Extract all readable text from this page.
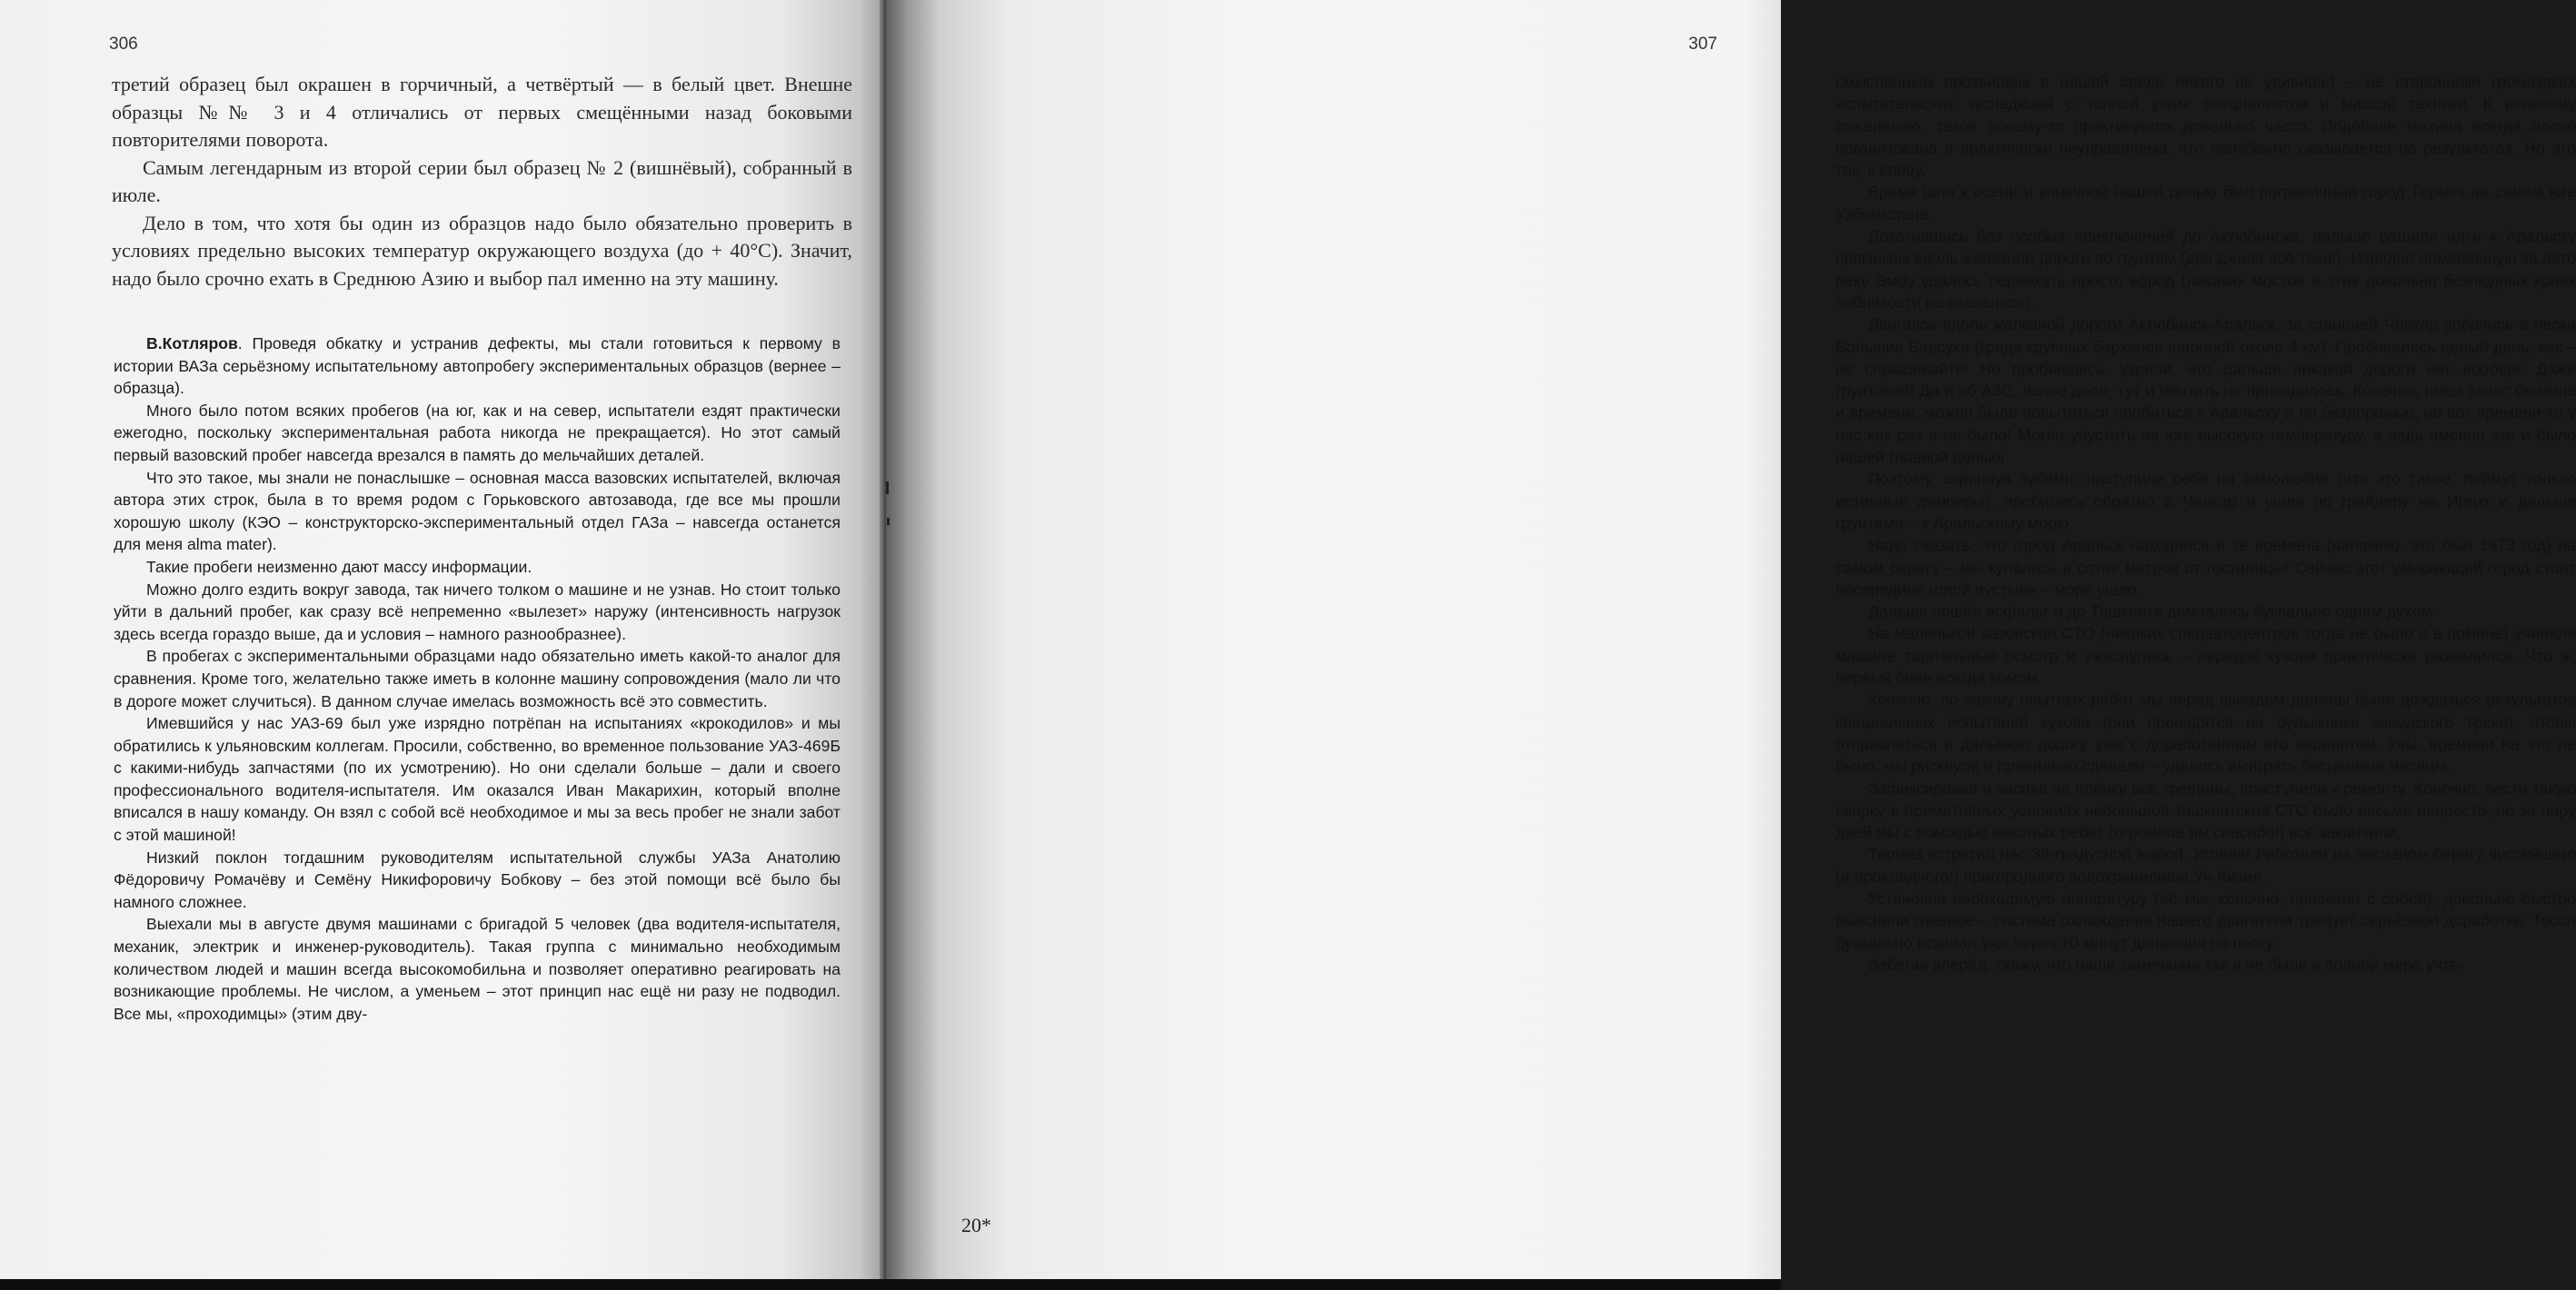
306

третий образец был окрашен в горчичный, а четвёртый — в белый цвет. Внешне образцы №№ 3 и 4 отличались от первых смещёнными назад боковыми повторителями поворота.

Самым легендарным из второй серии был образец № 2 (вишнёвый), собранный в июле.

Дело в том, что хотя бы один из образцов надо было обязательно проверить в условиях предельно высоких температур окружающего воздуха (до + 40°С). Значит, надо было срочно ехать в Среднюю Азию и выбор пал именно на эту машину.

В.Котляров. Проведя обкатку и устранив дефекты, мы стали готовиться к первому в истории ВАЗа серьёзному испытательному автопробегу экспериментальных образцов (вернее – образца).

Много было потом всяких пробегов (на юг, как и на север, испытатели ездят практически ежегодно, поскольку экспериментальная работа никогда не прекращается). Но этот самый первый вазовский пробег навсегда врезался в память до мельчайших деталей.

Что это такое, мы знали не понаслышке – основная масса вазовских испытателей, включая автора этих строк, была в то время родом с Горьковского автозавода, где все мы прошли хорошую школу (КЭО – конструкторско-экспериментальный отдел ГАЗа – навсегда останется для меня alma mater).

Такие пробеги неизменно дают массу информации.

Можно долго ездить вокруг завода, так ничего толком о машине и не узнав. Но стоит только уйти в дальний пробег, как сразу всё непременно «вылезет» наружу (интенсивность нагрузок здесь всегда гораздо выше, да и условия – намного разнообразнее).

В пробегах с экспериментальными образцами надо обязательно иметь какой-то аналог для сравнения. Кроме того, желательно также иметь в колонне машину сопровождения (мало ли что в дороге может случиться). В данном случае имелась возможность всё это совместить.

Имевшийся у нас УАЗ-69 был уже изрядно потрёпан на испытаниях «крокодилов» и мы обратились к ульяновским коллегам. Просили, собственно, во временное пользование УАЗ-469Б с какими-нибудь запчастями (по их усмотрению). Но они сделали больше – дали и своего профессионального водителя-испытателя. Им оказался Иван Макарихин, который вполне вписался в нашу команду. Он взял с собой всё необходимое и мы за весь пробег не знали забот с этой машиной!

Низкий поклон тогдашним руководителям испытательной службы УАЗа Анатолию Фёдоровичу Ромачёву и Семёну Никифоровичу Бобкову – без этой помощи всё было бы намного сложнее.

Выехали мы в августе двумя машинами с бригадой 5 человек (два водителя-испытателя, механик, электрик и инженер-руководитель). Такая группа с минимально необходимым количеством людей и машин всегда высокомобильна и позволяет оперативно реагировать на возникающие проблемы. Не числом, а уменьем – этот принцип нас ещё ни разу не подводил. Все мы, «проходимцы» (этим дву-

307

смысленным прозвищем в нашей среде никого не удивишь) – не сторонники громоздких испытательских экспедиций с толпой узких специалистов и массой техники. К великому сожалению, такое почему-то практикуется довольно часто. Подобная махина всегда плохо организована и практически неуправляема, что неизбежно сказывается на результатах. Но это так, к слову.

Время шло к осени и конечной нашей целью был пограничный город Термез на самом юге Узбекистана.

Докатившись без особых приключений до Актюбинска, дальше решили идти к Аральску прямиком вдоль железной дороги по грунтам (два джипа всё-таки!). Изрядно обмелевшую за лето реку Эмбу удалось переехать просто вброд (никаких мостов в этих довольно безлюдных краях поблизости не оказалось).

Двигаясь вдоль железной дороги Актюбинск-Аральск, за станцией Челкар упёрлись в пески Большие Барсуки (гряда крупных барханов шириной около 4 км). Пробивались целый день, как – не спрашивайте! Но пробившись, узрели, что дальше никакой дороги нет вообще! Даже грунтовой! Да и об АЗС, ясное дело, тут и мечтать не приходилось. Конечно, имея запас бензина и времени, можно было попытаться пробиться к Аральску и по бездорожью, но вот времени-то у нас как раз и не было! Могли упустить на юге высокую температуру, а ведь именно это и было нашей главной целью!

Поэтому, скрипнув зубами, наступили себе на самолюбие (что это такое, поймут только истинные джиперы), пробились обратно в Челкар и ушли по грейдеру на Иргиз и дальше грунтами – к Аральскому морю.

Надо сказать, что город Аральск находился в те времена (напомню, это был 1973 год) на самом берегу – мы купались в сотне метров от гостиницы! Сейчас этот умирающий город стоит посередине голой пустыни – море ушло.

Дальше пошёл асфальт и до Ташкента домчались буквально одним духом.

На маленькой вазовской СТО (никаких спецавтоцентров тогда не было и в помине) учинили машине тщательный осмотр и ужаснулись – передок кузова практически развалился. Что ж, первый блин всегда комом.

Конечно, по закону опытных работ мы перед выездом должны были дождаться результатов специальных испытаний кузова (они проводятся на булыжнике заводского трека), чтобы отправляться в дальнюю дорогу уже с доработанным его вариантом. Увы, времени на это не было, мы рискнули и правильно сделали – удалось выиграть бесценные месяцы.

Зафиксировав и засняв на плёнку все трещины, приступили к ремонту. Конечно, вести такую сварку в примитивных условиях небольшой ташкентской СТО было весьма непросто, но за пару дней мы с помощью местных ребят (огромное им спасибо!) всё закончили.

Термез встретил нас 38-градусной жарой. Успели! Работали на песчаном берегу чистейшего (и прохладного!) пригородного водохранилища Уч-Кизил.

Установив необходимую аппаратуру (её мы, конечно, привезли с собой), довольно быстро выяснили главное – система охлаждения нашего двигателя требует серьёзной доработки. Тосол буквально вскипал уже через 10 минут движения по песку.

Забегая вперёд, скажу, что наши замечания так и не были в полной мере учте-

20*
